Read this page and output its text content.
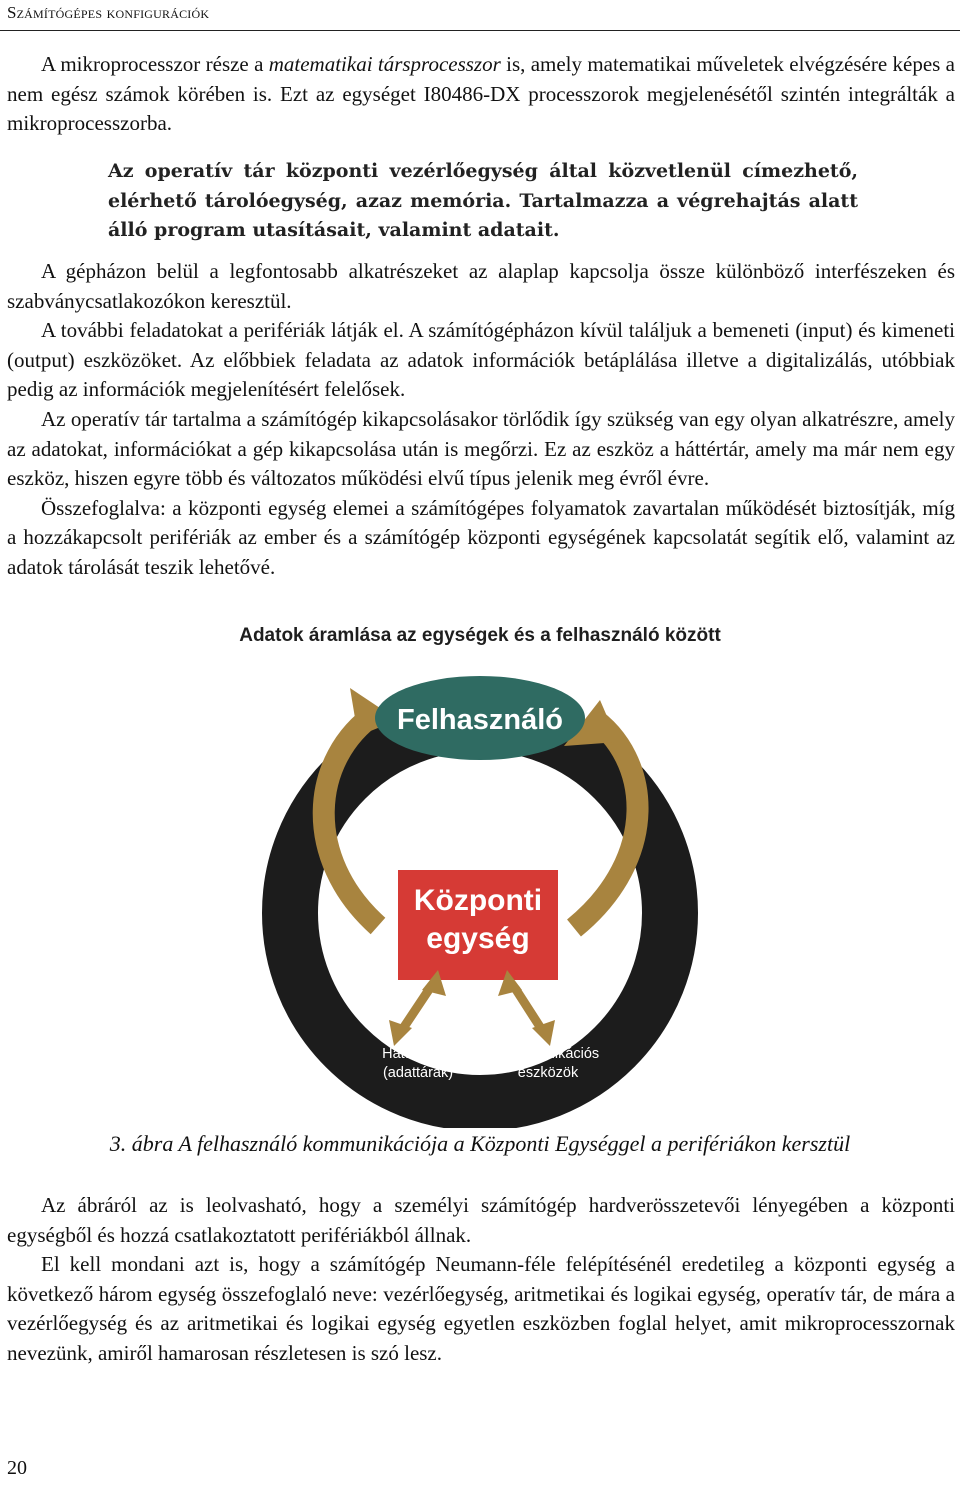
Számítógépes konfigurációk

A mikroprocesszor része a matematikai társprocesszor is, amely matematikai műveletek elvégzésére képes a nem egész számok körében is. Ezt az egységet I80486-DX processzorok megjelenésétől szintén integrálták a mikroprocesszorba.

Az operatív tár központi vezérlőegység által közvetlenül címezhető, elérhető tárolóegység, azaz memória. Tartalmazza a végrehajtás alatt álló program utasításait, valamint adatait.

A gépházon belül a legfontosabb alkatrészeket az alaplap kapcsolja össze különböző interfészeken és szabványcsatlakozókon keresztül.

A további feladatokat a perifériák látják el. A számítógépházon kívül találjuk a bemeneti (input) és kimeneti (output) eszközöket. Az előbbiek feladata az adatok információk betáplálása illetve a digitalizálás, utóbbiak pedig az információk megjelenítésért felelősek.

Az operatív tár tartalma a számítógép kikapcsolásakor törlődik így szükség van egy olyan alkatrészre, amely az adatokat, információkat a gép kikapcsolása után is megőrzi. Ez az eszköz a háttértár, amely ma már nem egy eszköz, hiszen egyre több és változatos működési elvű típus jelenik meg évről évre.

Összefoglalva: a központi egység elemei a számítógépes folyamatok zavartalan működését biztosítják, míg a hozzákapcsolt perifériák az ember és a számítógép központi egységének kapcsolatát segítik elő, valamint az adatok tárolását teszik lehetővé.

Adatok áramlása az egységek és a felhasználó között
Felhasználó
Periféria
Központi
egység
Háttértárak
(adattárak)
Kommunikációs
eszközök
3. ábra A felhasználó kommunikációja a Központi Egységgel a perifériákon kersztül

Az ábráról az is leolvasható, hogy a személyi számítógép hardverösszetevői lényegében a központi egységből és hozzá csatlakoztatott perifériákból állnak.

El kell mondani azt is, hogy a számítógép Neumann-féle felépítésénél eredetileg a központi egység a következő három egység összefoglaló neve: vezérlőegység, aritmetikai és logikai egység, operatív tár, de mára a vezérlőegység és az aritmetikai és logikai egység egyetlen eszközben foglal helyet, amit mikroprocesszornak nevezünk, amiről hamarosan részletesen is szó lesz.

20
